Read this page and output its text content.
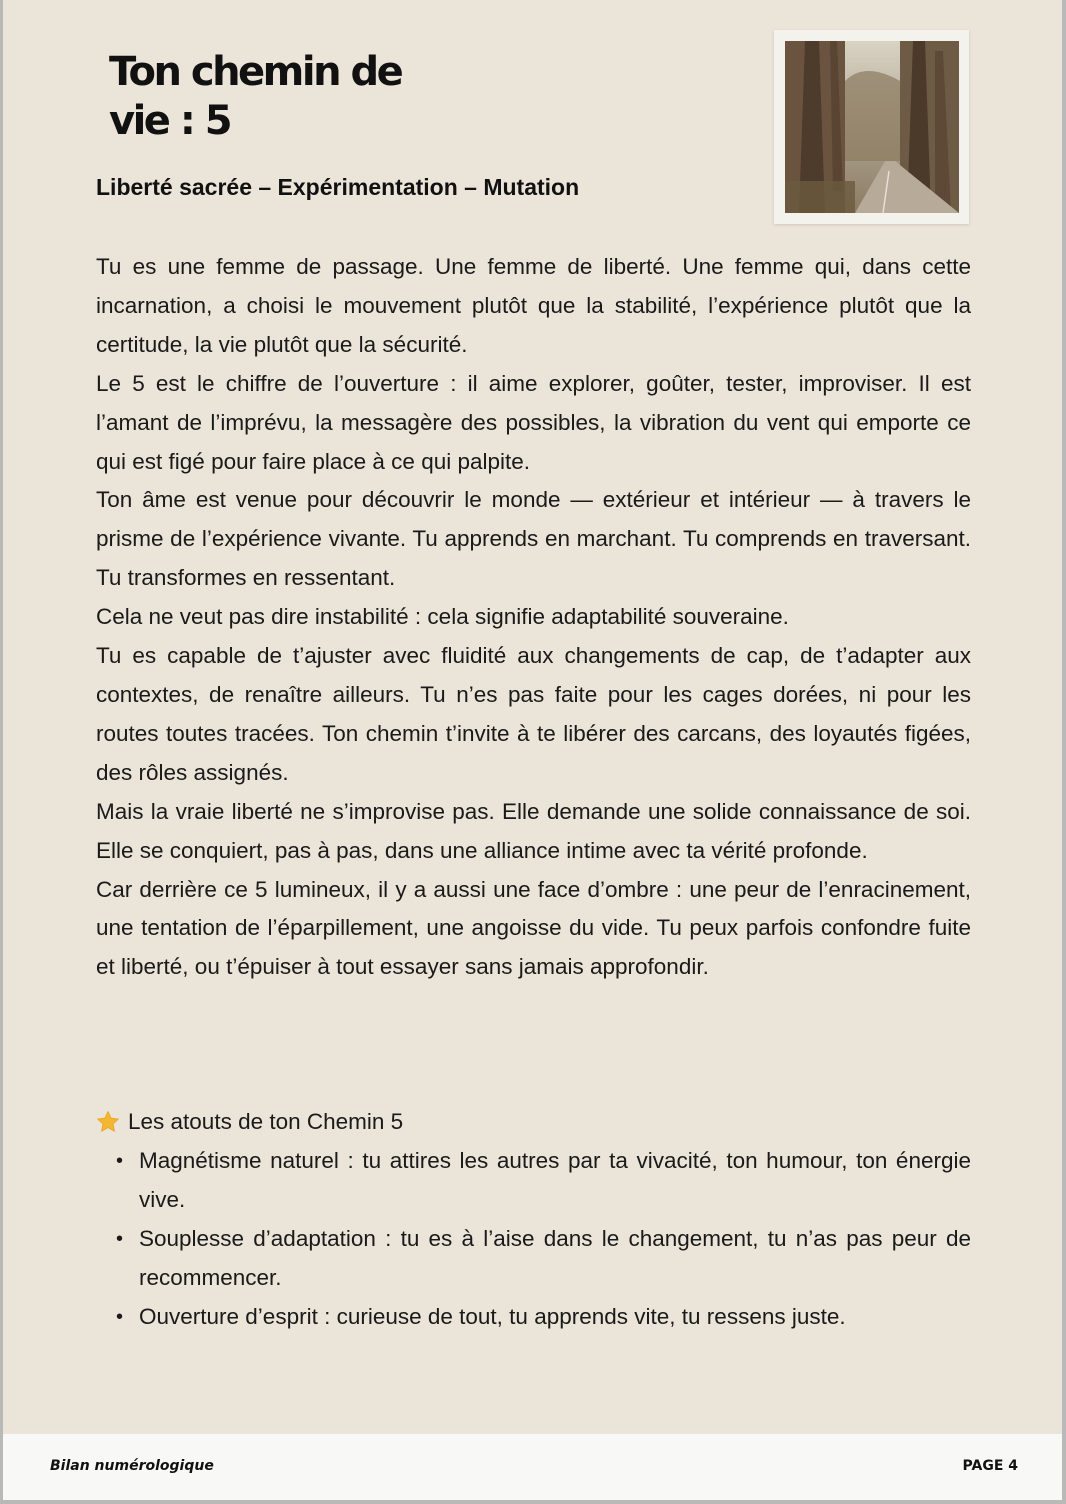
Ton chemin de
vie : 5

Liberté sacrée – Expérimentation – Mutation

Tu es une femme de passage. Une femme de liberté. Une femme qui, dans cette incarnation, a choisi le mouvement plutôt que la stabilité, l’expérience plutôt que la certitude, la vie plutôt que la sécurité.

Le 5 est le chiffre de l’ouverture : il aime explorer, goûter, tester, improviser. Il est l’amant de l’imprévu, la messagère des possibles, la vibration du vent qui emporte ce qui est figé pour faire place à ce qui palpite.

Ton âme est venue pour découvrir le monde — extérieur et intérieur — à travers le prisme de l’expérience vivante. Tu apprends en marchant. Tu comprends en traversant. Tu transformes en ressentant.

Cela ne veut pas dire instabilité : cela signifie adaptabilité souveraine.

Tu es capable de t’ajuster avec fluidité aux changements de cap, de t’adapter aux contextes, de renaître ailleurs. Tu n’es pas faite pour les cages dorées, ni pour les routes toutes tracées. Ton chemin t’invite à te libérer des carcans, des loyautés figées, des rôles assignés.

Mais la vraie liberté ne s’improvise pas. Elle demande une solide connaissance de soi. Elle se conquiert, pas à pas, dans une alliance intime avec ta vérité profonde.

Car derrière ce 5 lumineux, il y a aussi une face d’ombre : une peur de l’enracinement, une tentation de l’éparpillement, une angoisse du vide. Tu peux parfois confondre fuite et liberté, ou t’épuiser à tout essayer sans jamais approfondir.

Les atouts de ton Chemin 5
• Magnétisme naturel : tu attires les autres par ta vivacité, ton humour, ton énergie vive.
• Souplesse d’adaptation : tu es à l’aise dans le changement, tu n’as pas peur de recommencer.
• Ouverture d’esprit : curieuse de tout, tu apprends vite, tu ressens juste.
Bilan numérologique	PAGE 4
